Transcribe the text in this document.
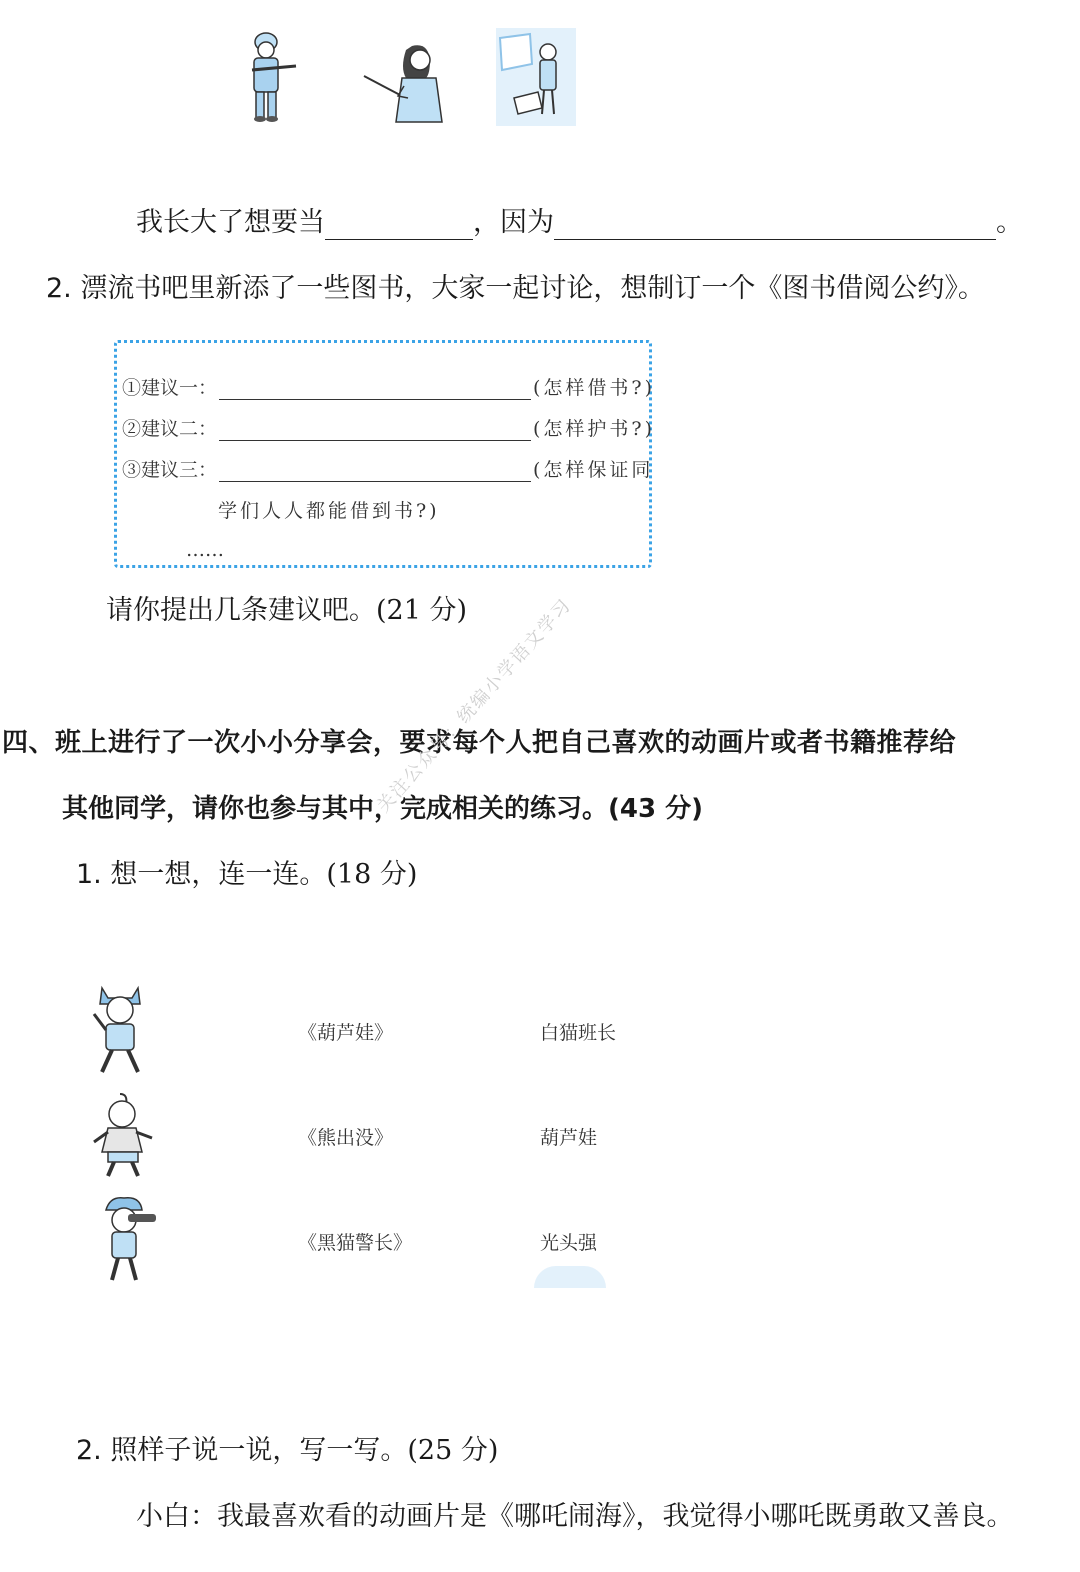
我长大了想要当	，因为	。
2. 漂流书吧里新添了一些图书，大家一起讨论，想制订一个《图书借阅公约》。
①建议一：	(怎样借书?)
②建议二：	(怎样护书?)
③建议三：	(怎样保证同
学们人人都能借到书?)
……
请你提出几条建议吧。(21 分)
四、班上进行了一次小小分享会，要求每个人把自己喜欢的动画片或者书籍推荐给
其他同学，请你也参与其中，完成相关的练习。(43 分)
关注公众号：统编小学语文学习
1. 想一想，连一连。(18 分)
《葫芦娃》
《熊出没》
《黑猫警长》
白猫班长
葫芦娃
光头强
2. 照样子说一说，写一写。(25 分)
小白：我最喜欢看的动画片是《哪吒闹海》，我觉得小哪吒既勇敢又善良。
